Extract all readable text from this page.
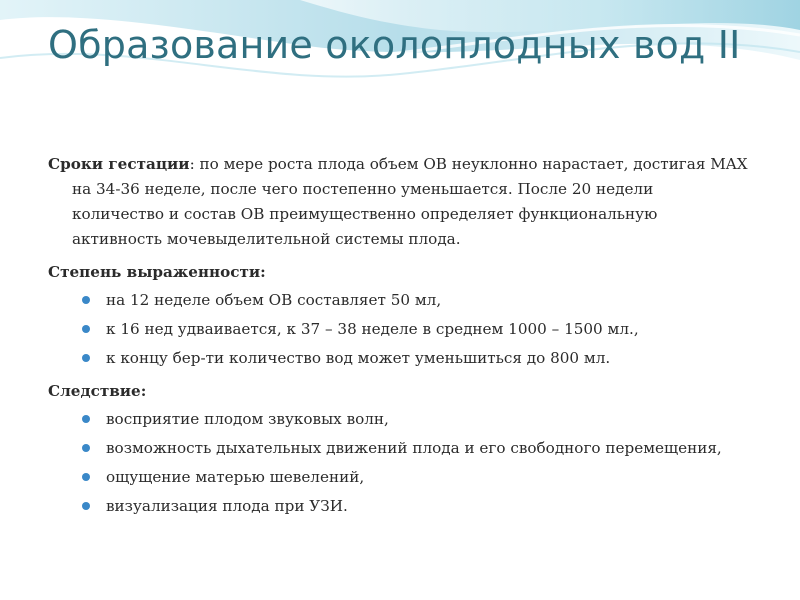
Образование околоплодных вод II

Сроки гестации: по мере роста плода объем ОВ неуклонно нарастает, достигая MAX на 34-36 неделе, после чего постепенно уменьшается. После 20 недели количество и состав ОВ преимущественно определяет функциональную активность мочевыделительной системы плода.

Степень выраженности:
на 12 неделе объем ОВ составляет 50 мл,
к 16 нед удваивается, к 37 – 38 неделе в среднем 1000 – 1500 мл.,
к концу бер-ти количество вод может уменьшиться до 800 мл.
Следствие:
восприятие плодом звуковых волн,
возможность дыхательных движений плода и его свободного перемещения,
ощущение матерью шевелений,
визуализация плода при УЗИ.
